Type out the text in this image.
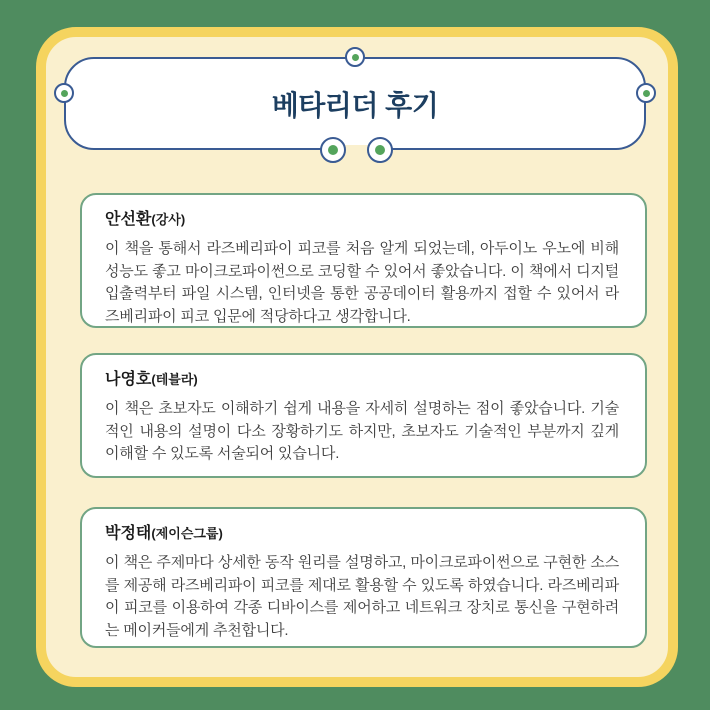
베타리더 후기
안선환(강사)

이 책을 통해서 라즈베리파이 피코를 처음 알게 되었는데, 아두이노 우노에 비해 성능도 좋고 마이크로파이썬으로 코딩할 수 있어서 좋았습니다. 이 책에서 디지털 입출력부터 파일 시스템, 인터넷을 통한 공공데이터 활용까지 접할 수 있어서 라즈베리파이 피코 입문에 적당하다고 생각합니다.

나영호(테블라)

이 책은 초보자도 이해하기 쉽게 내용을 자세히 설명하는 점이 좋았습니다. 기술적인 내용의 설명이 다소 장황하기도 하지만, 초보자도 기술적인 부분까지 깊게 이해할 수 있도록 서술되어 있습니다.

박정태(제이슨그룹)

이 책은 주제마다 상세한 동작 원리를 설명하고, 마이크로파이썬으로 구현한 소스를 제공해 라즈베리파이 피코를 제대로 활용할 수 있도록 하였습니다. 라즈베리파이 피코를 이용하여 각종 디바이스를 제어하고 네트워크 장치로 통신을 구현하려는 메이커들에게 추천합니다.
